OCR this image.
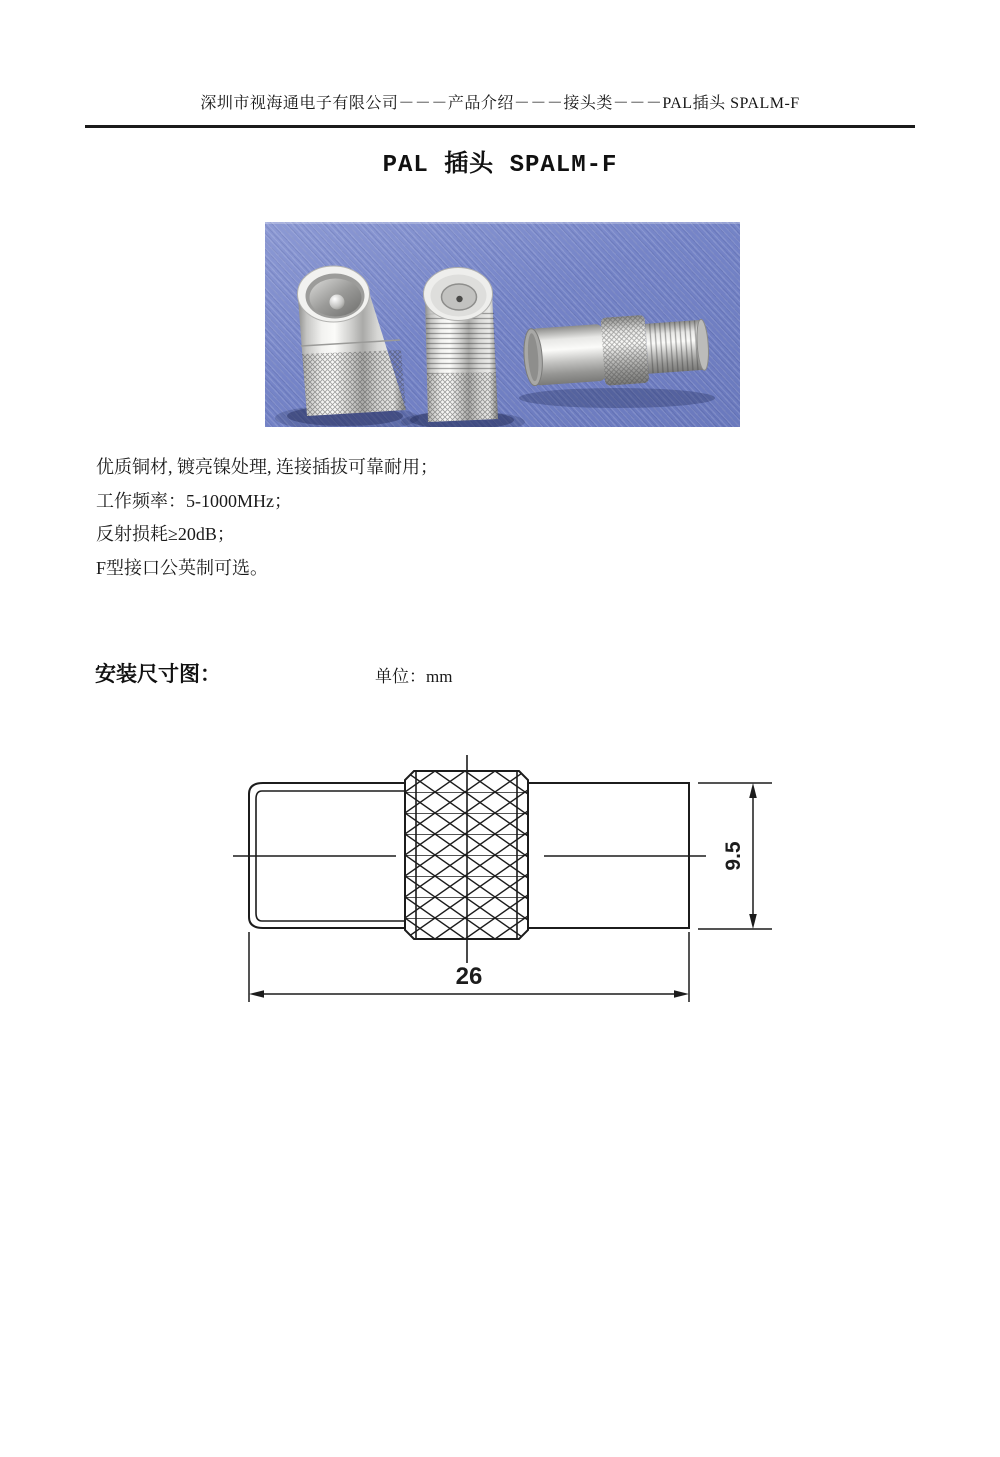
深圳市视海通电子有限公司－－－产品介绍－－－接头类－－－PAL插头 SPALM-F
PAL 插头 SPALM-F
优质铜材, 镀亮镍处理, 连接插拔可靠耐用；
工作频率：5-1000MHz；
反射损耗≥20dB；
F型接口公英制可选。
安装尺寸图：	单位：mm
9.5
26
